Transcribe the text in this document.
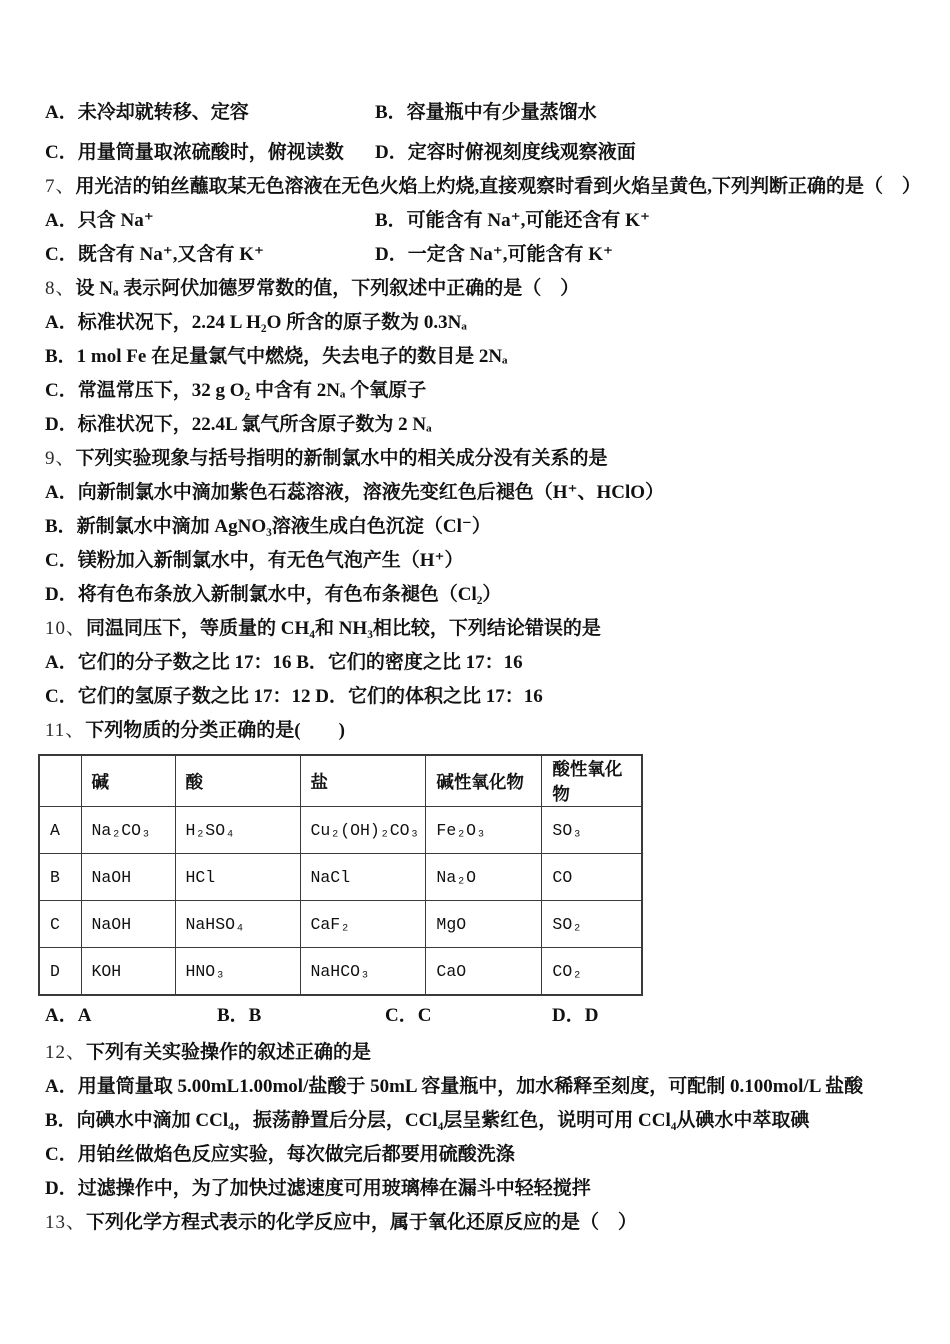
A．未冷却就转移、定容	B．容量瓶中有少量蒸馏水
C．用量筒量取浓硫酸时，俯视读数	D．定容时俯视刻度线观察液面
7、用光洁的铂丝蘸取某无色溶液在无色火焰上灼烧,直接观察时看到火焰呈黄色,下列判断正确的是（　）
A．只含 Na⁺	B．可能含有 Na⁺,可能还含有 K⁺
C．既含有 Na⁺,又含有 K⁺	D．一定含 Na⁺,可能含有 K⁺
8、设 Nₐ 表示阿伏加德罗常数的值，下列叙述中正确的是（　）
A．标准状况下，2.24 L H₂O 所含的原子数为 0.3Nₐ
B．1 mol Fe 在足量氯气中燃烧，失去电子的数目是 2Nₐ
C．常温常压下，32 g O₂ 中含有 2Nₐ 个氧原子
D．标准状况下，22.4L 氯气所含原子数为 2 Nₐ
9、下列实验现象与括号指明的新制氯水中的相关成分没有关系的是
A．向新制氯水中滴加紫色石蕊溶液，溶液先变红色后褪色（H⁺、HClO）
B．新制氯水中滴加 AgNO₃溶液生成白色沉淀（Cl⁻）
C．镁粉加入新制氯水中，有无色气泡产生（H⁺）
D．将有色布条放入新制氯水中，有色布条褪色（Cl₂）
10、同温同压下，等质量的 CH₄和 NH₃相比较，下列结论错误的是
A．它们的分子数之比 17：16 B．它们的密度之比 17：16
C．它们的氢原子数之比 17：12 D．它们的体积之比 17：16
11、下列物质的分类正确的是(　　)
	碱	酸	盐	碱性氧化物	酸性氧化物
A	Na₂CO₃	H₂SO₄	Cu₂(OH)₂CO₃	Fe₂O₃	SO₃
B	NaOH	HCl	NaCl	Na₂O	CO
C	NaOH	NaHSO₄	CaF₂	MgO	SO₂
D	KOH	HNO₃	NaHCO₃	CaO	CO₂
A．A	B．B	C．C	D．D
12、下列有关实验操作的叙述正确的是
A．用量筒量取 5.00mL1.00mol/盐酸于 50mL 容量瓶中，加水稀释至刻度，可配制 0.100mol/L 盐酸
B．向碘水中滴加 CCl₄，振荡静置后分层，CCl₄层呈紫红色，说明可用 CCl₄从碘水中萃取碘
C．用铂丝做焰色反应实验，每次做完后都要用硫酸洗涤
D．过滤操作中，为了加快过滤速度可用玻璃棒在漏斗中轻轻搅拌
13、下列化学方程式表示的化学反应中，属于氧化还原反应的是（　）
